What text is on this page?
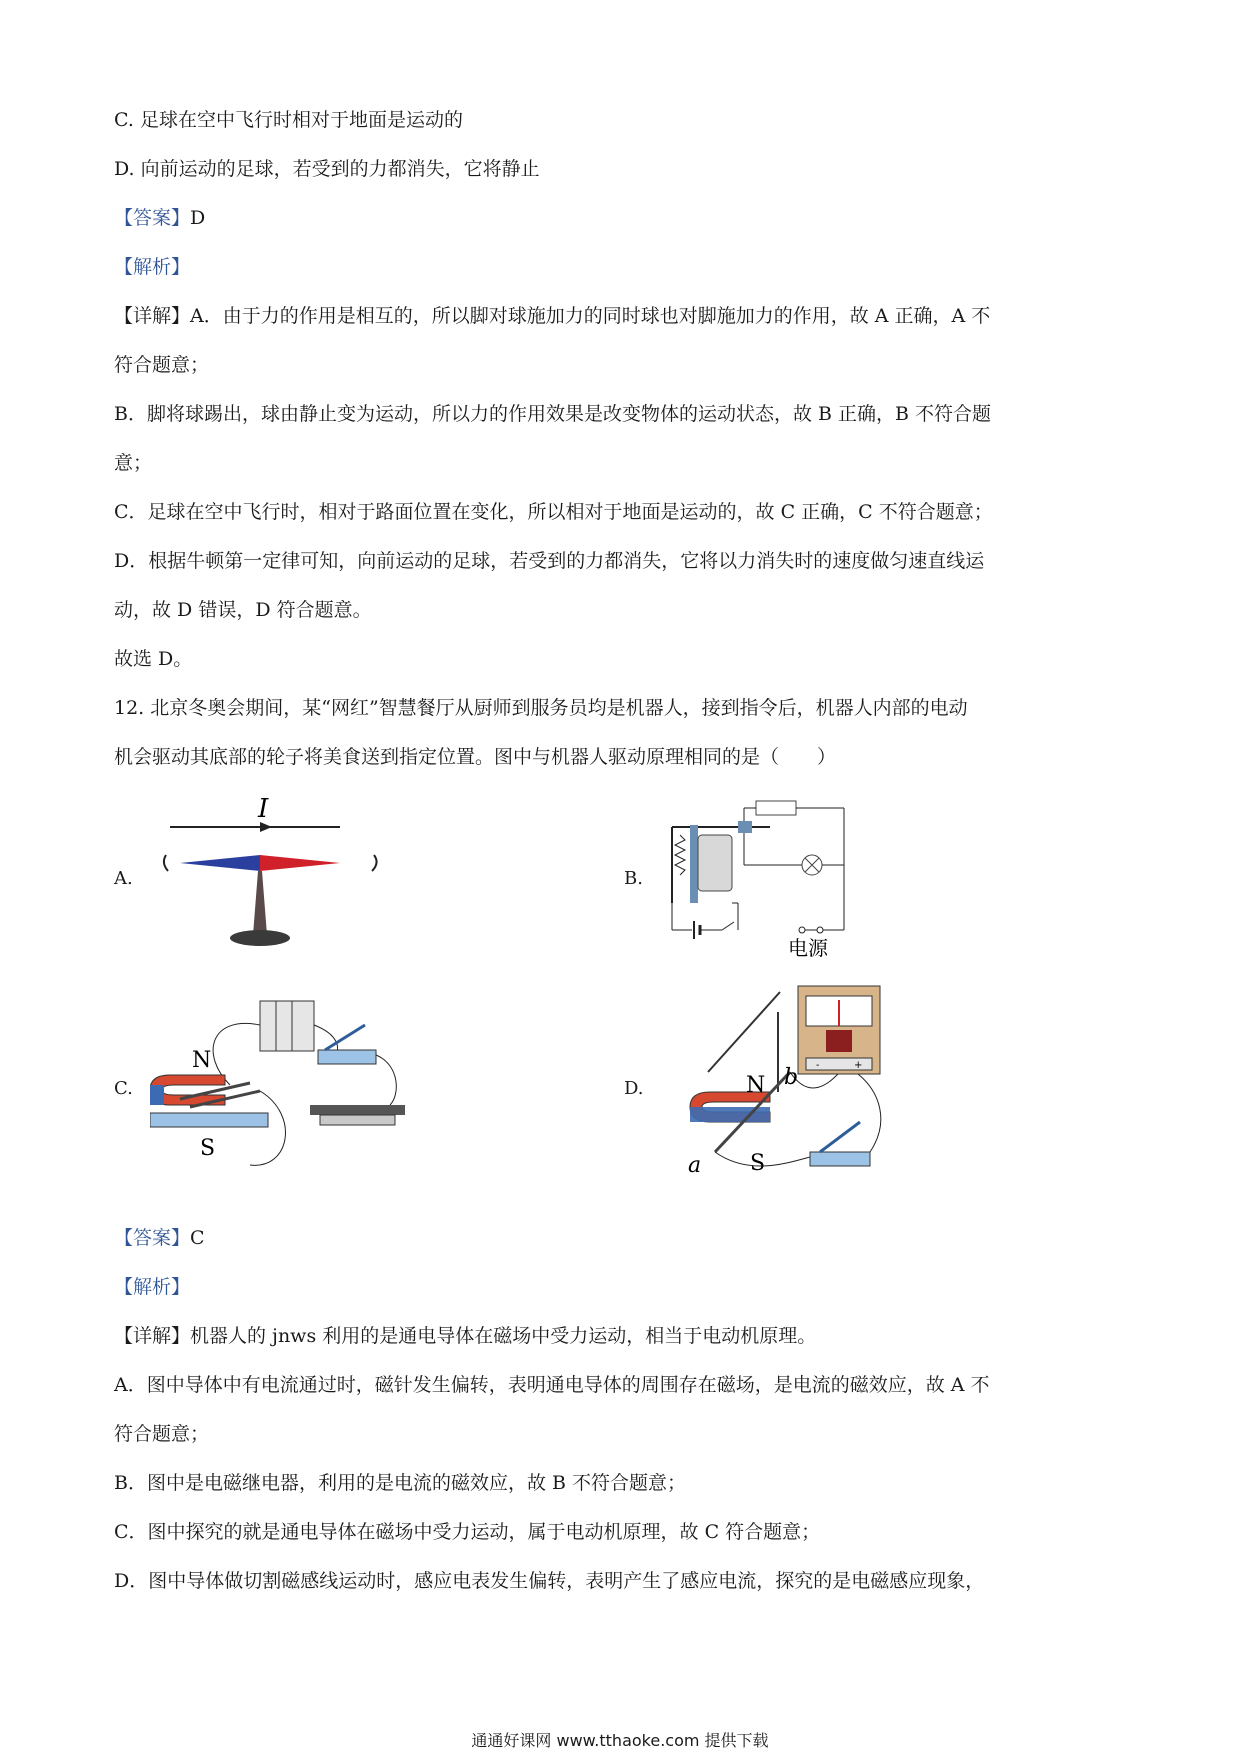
C. 足球在空中飞行时相对于地面是运动的
D. 向前运动的足球，若受到的力都消失，它将静止
【答案】D
【解析】
【详解】A．由于力的作用是相互的，所以脚对球施加力的同时球也对脚施加力的作用，故 A 正确，A 不
符合题意；
B．脚将球踢出，球由静止变为运动，所以力的作用效果是改变物体的运动状态，故 B 正确，B 不符合题
意；
C．足球在空中飞行时，相对于路面位置在变化，所以相对于地面是运动的，故 C 正确，C 不符合题意；
D．根据牛顿第一定律可知，向前运动的足球，若受到的力都消失，它将以力消失时的速度做匀速直线运
动，故 D 错误，D 符合题意。
故选 D。
12. 北京冬奥会期间，某“网红”智慧餐厅从厨师到服务员均是机器人，接到指令后，机器人内部的电动
机会驱动其底部的轮子将美食送到指定位置。图中与机器人驱动原理相同的是（　　）
A.
I
B.
电源
C.
N
S
D.
-	+
N
S
a
b
【答案】C
【解析】
【详解】机器人的 jnws 利用的是通电导体在磁场中受力运动，相当于电动机原理。
A．图中导体中有电流通过时，磁针发生偏转，表明通电导体的周围存在磁场，是电流的磁效应，故 A 不
符合题意；
B．图中是电磁继电器，利用的是电流的磁效应，故 B 不符合题意；
C．图中探究的就是通电导体在磁场中受力运动，属于电动机原理，故 C 符合题意；
D．图中导体做切割磁感线运动时，感应电表发生偏转，表明产生了感应电流，探究的是电磁感应现象，
通通好课网 www.tthaoke.com 提供下载
